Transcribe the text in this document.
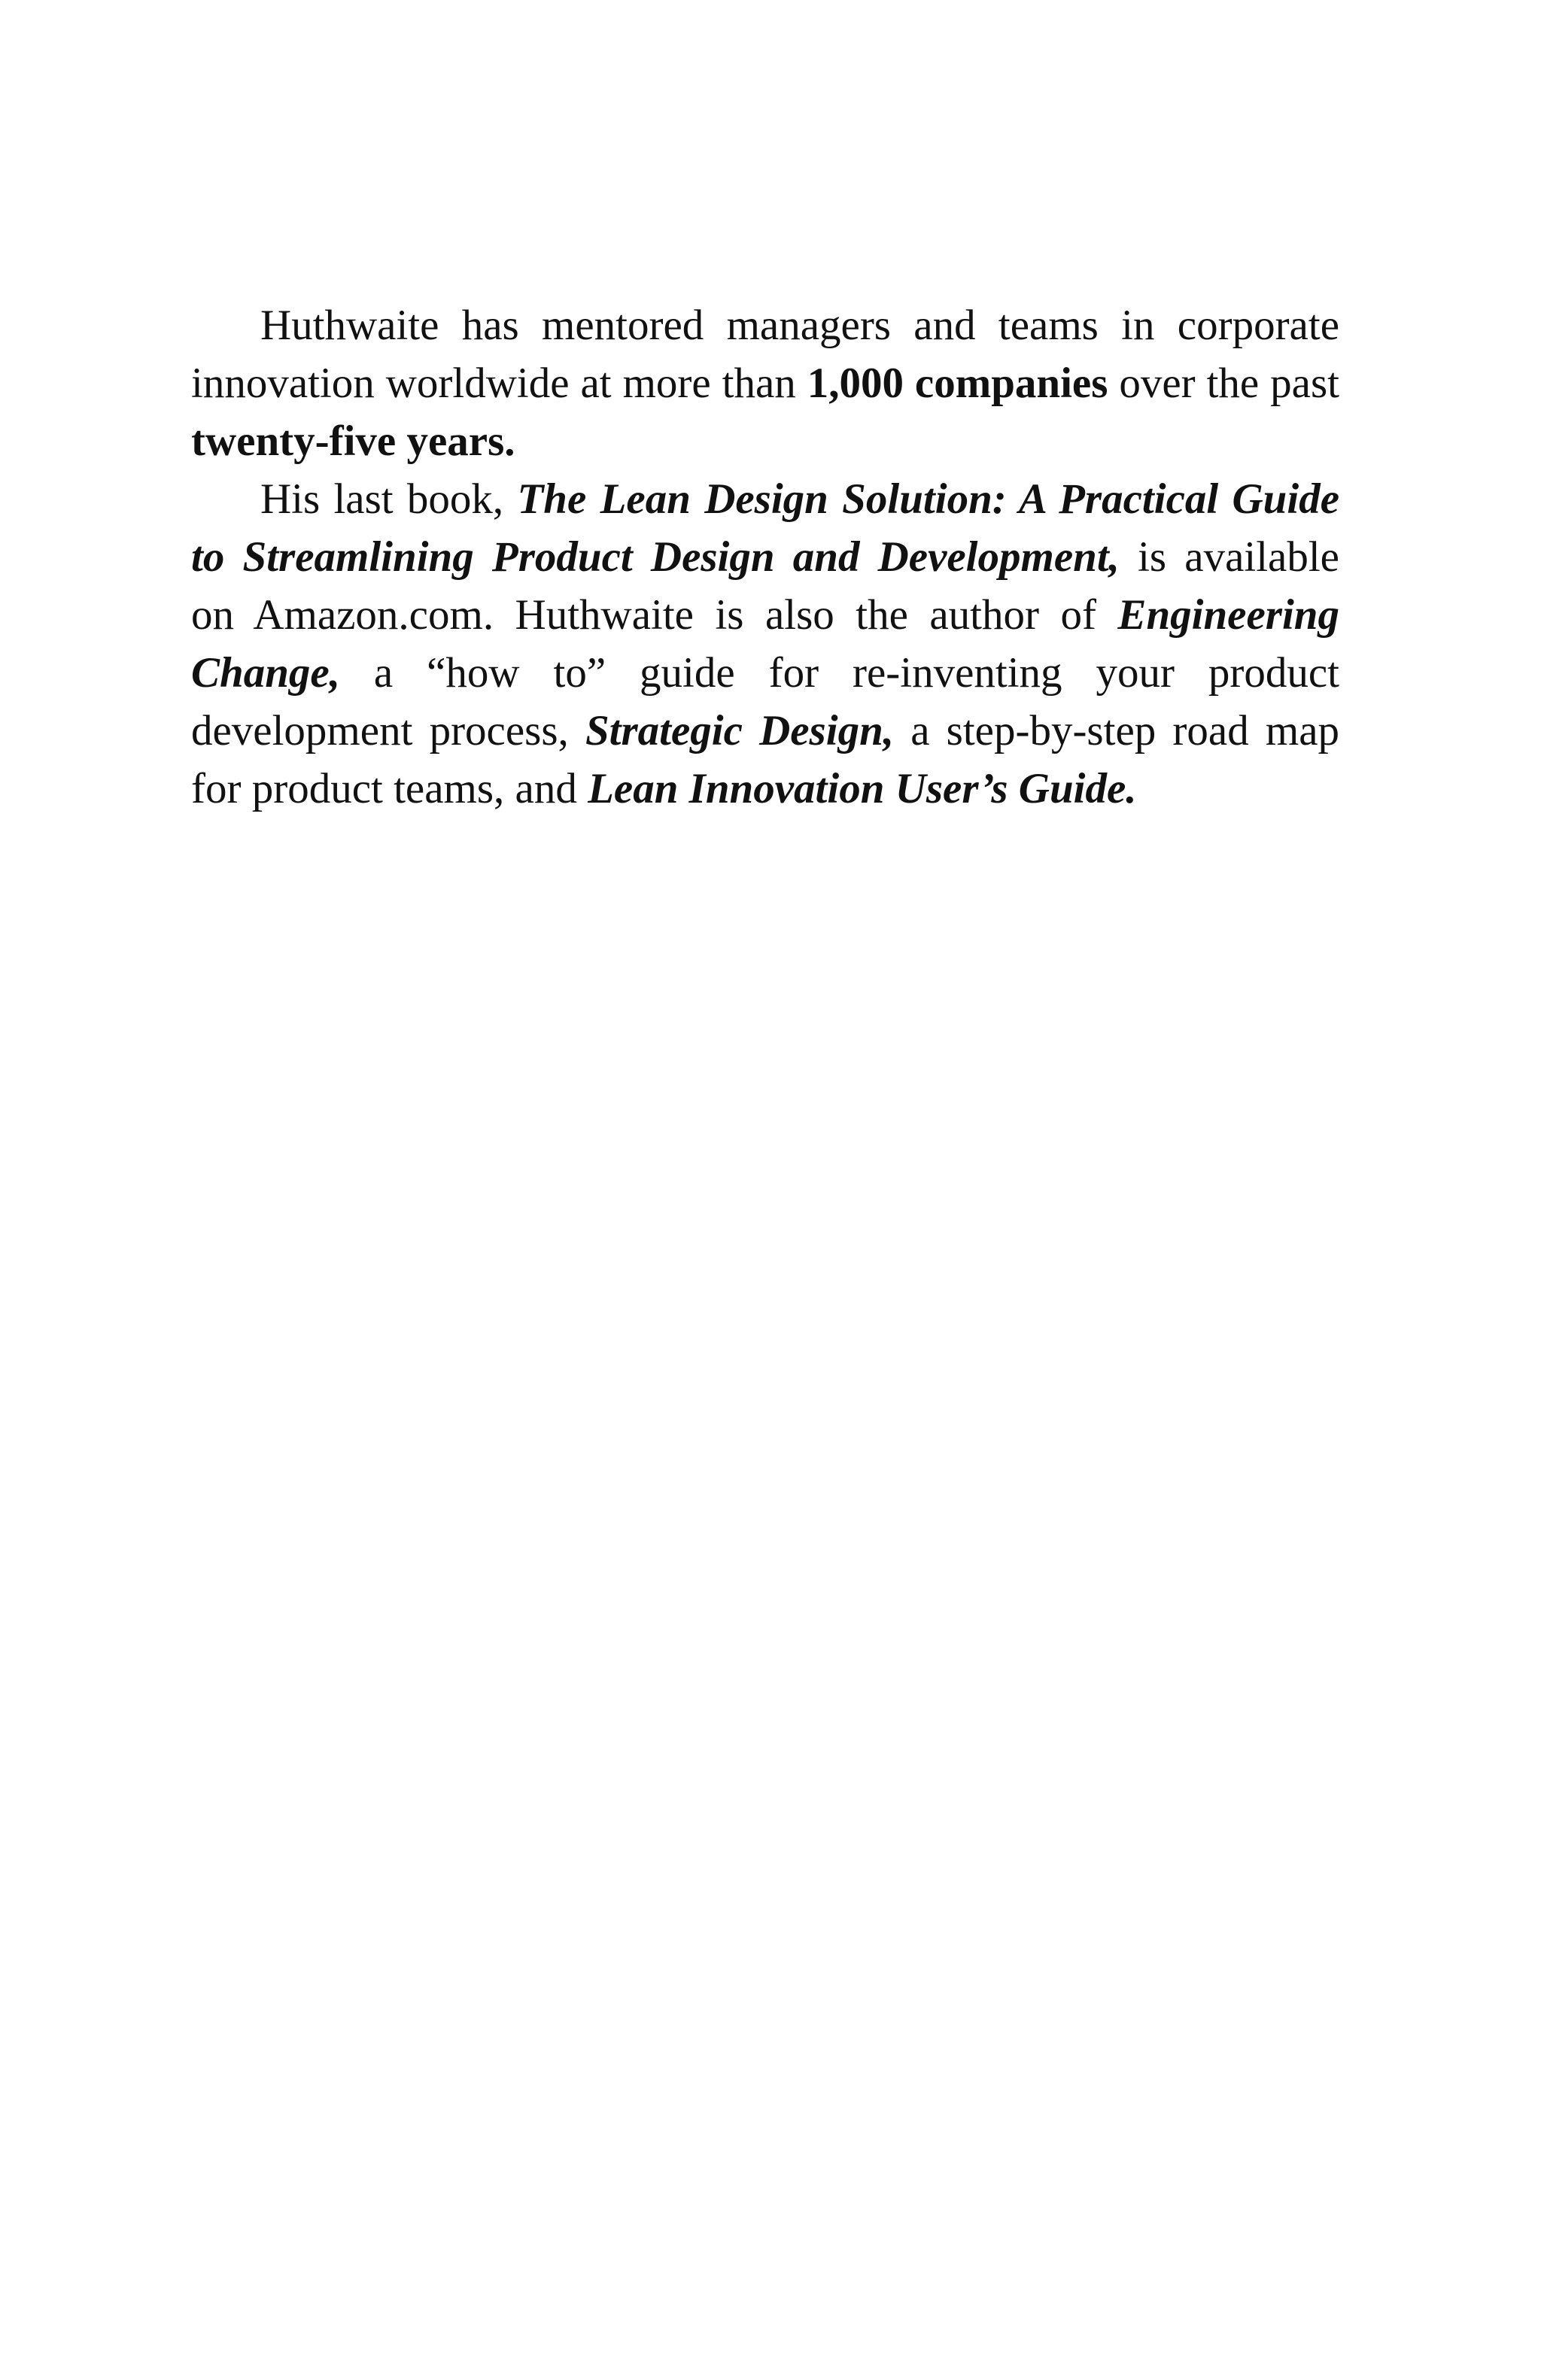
Huthwaite has mentored managers and teams in corporate innovation worldwide at more than 1,000 companies over the past twenty-five years.

His last book, The Lean Design Solution: A Practical Guide to Streamlining Product Design and Development, is available on Amazon.com. Huthwaite is also the author of Engineering Change, a “how to” guide for re-inventing your product development process, Strategic Design, a step-by-step road map for product teams, and Lean Innovation User’s Guide.
